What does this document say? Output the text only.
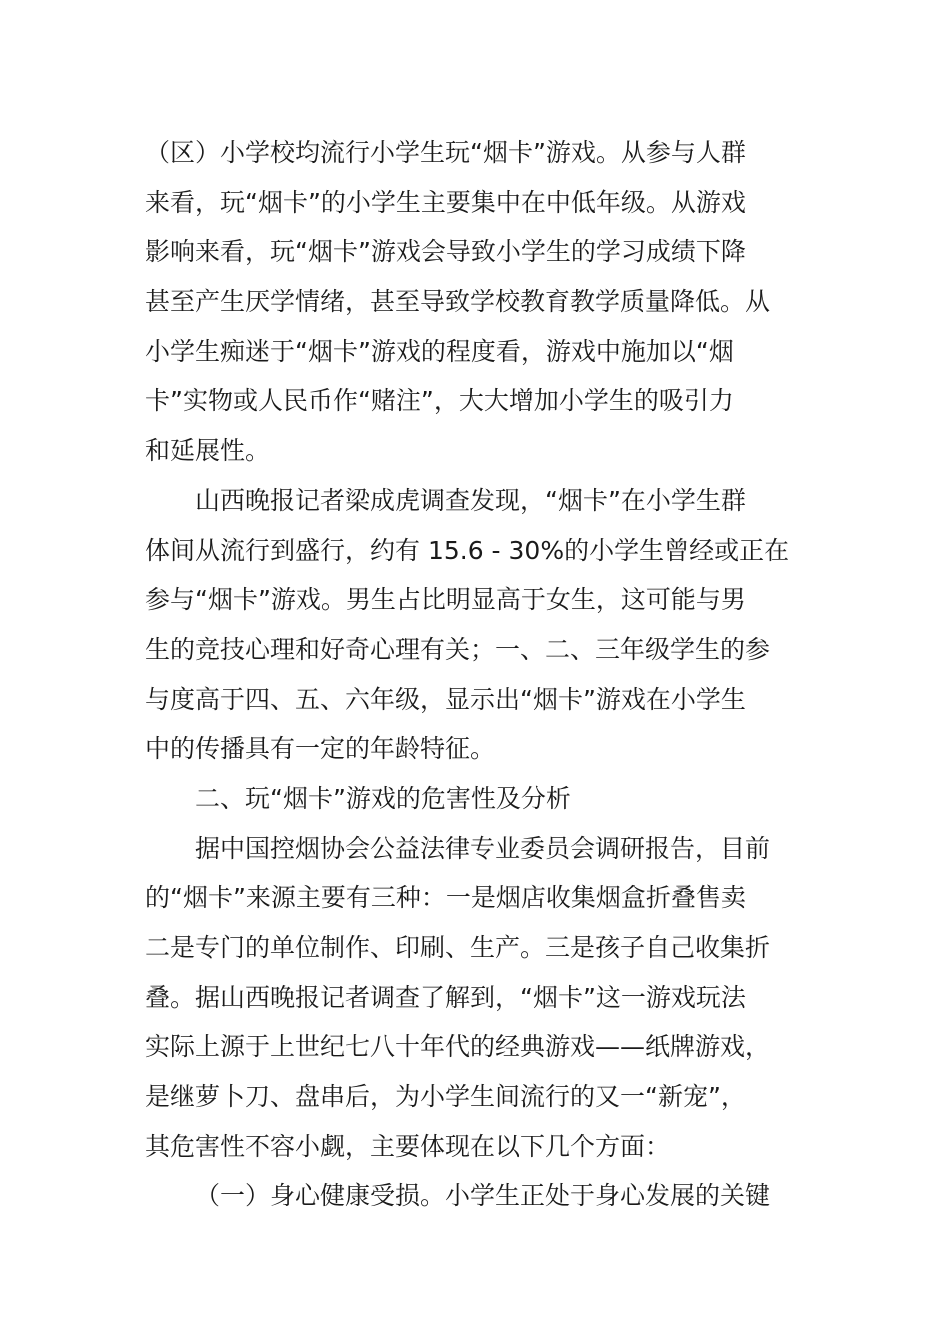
（区）小学校均流行小学生玩“烟卡”游戏。从参与人群
来看，玩“烟卡”的小学生主要集中在中低年级。从游戏
影响来看，玩“烟卡”游戏会导致小学生的学习成绩下降
甚至产生厌学情绪，甚至导致学校教育教学质量降低。从
小学生痴迷于“烟卡”游戏的程度看，游戏中施加以“烟
卡”实物或人民币作“赌注”，大大增加小学生的吸引力
和延展性。
山西晚报记者梁成虎调查发现，“烟卡”在小学生群
体间从流行到盛行，约有 15.6 - 30%的小学生曾经或正在
参与“烟卡”游戏。男生占比明显高于女生，这可能与男
生的竞技心理和好奇心理有关；一、二、三年级学生的参
与度高于四、五、六年级，显示出“烟卡”游戏在小学生
中的传播具有一定的年龄特征。
二、玩“烟卡”游戏的危害性及分析
据中国控烟协会公益法律专业委员会调研报告，目前
的“烟卡”来源主要有三种：一是烟店收集烟盒折叠售卖
二是专门的单位制作、印刷、生产。三是孩子自己收集折
叠。据山西晚报记者调查了解到，“烟卡”这一游戏玩法
实际上源于上世纪七八十年代的经典游戏——纸牌游戏，
是继萝卜刀、盘串后，为小学生间流行的又一“新宠”，
其危害性不容小觑，主要体现在以下几个方面：
（一）身心健康受损。小学生正处于身心发展的关键
